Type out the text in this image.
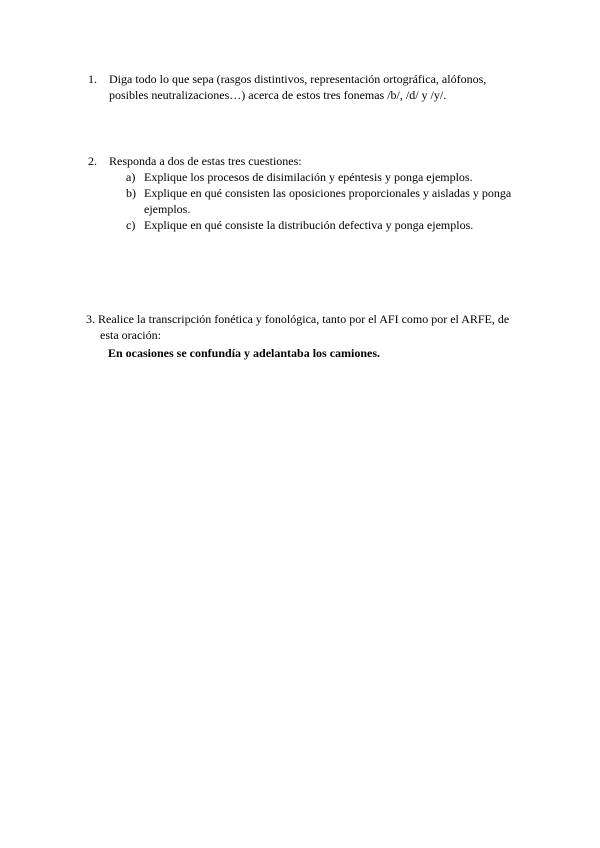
1. Diga todo lo que sepa (rasgos distintivos, representación ortográfica, alófonos, posibles neutralizaciones…) acerca de estos tres fonemas /b/, /d/ y /y/.
2. Responda a dos de estas tres cuestiones:
a) Explique los procesos de disimilación y epéntesis y ponga ejemplos.
b) Explique en qué consisten las oposiciones proporcionales y aisladas y ponga ejemplos.
c) Explique en qué consiste la distribución defectiva y ponga ejemplos.
3. Realice la transcripción fonética y fonológica, tanto por el AFI como por el ARFE, de
esta oración:
En ocasiones se confundía y adelantaba los camiones.
